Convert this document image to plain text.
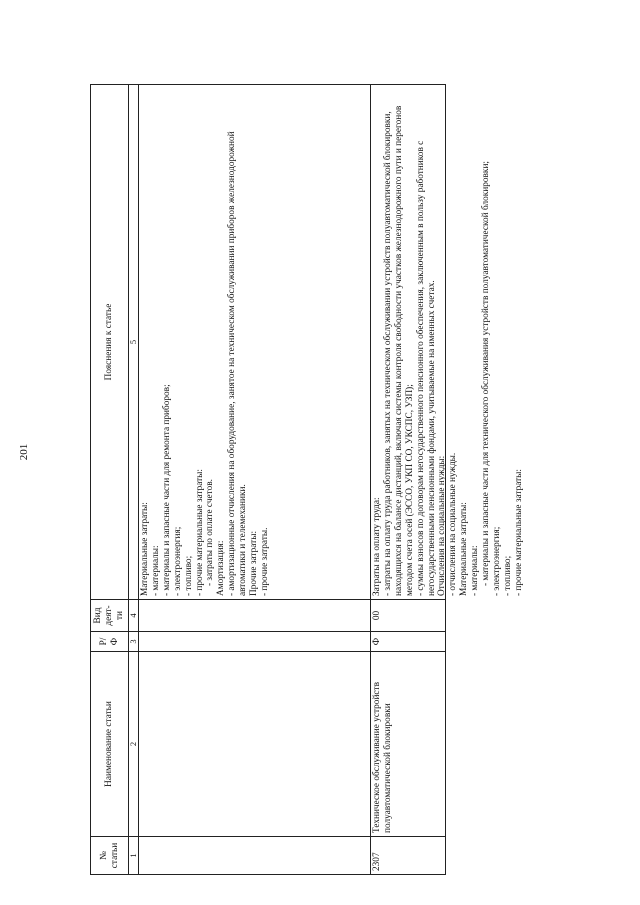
201
№ статьи
Наименование статьи
Р/ Ф
Вид деят-ти
Пояснения к статье
1
2
3
4
5
Материальные затраты: - материалы: - материалы и запасные части для ремонта приборов; - электроэнергия; - топливо; - прочие материальные затраты: - затраты по оплате счетов. Амортизация: - амортизационные отчисления на оборудование, занятое на техническом обслуживании приборов железнодорожной автоматики и телемеханики. Прочие затраты: - прочие затраты.
2307
Техническое обслуживание устройств полуавтоматической блокировки
Ф
00
Затраты на оплату труда: - затраты на оплату труда работников, занятых на техническом обслуживании устройств полуавтоматической блокировки, находящихся на балансе дистанций, включая системы контроля свободности участков железнодорожного пути и перегонов методом счета осей (ЭССО, УКП СО, УКСПС, УЗП); - суммы взносов по договорам негосударственного пенсионного обеспечения, заключенным в пользу работников с негосударственными пенсионными фондами, учитываемые на именных счетах. Отчисления на социальные нужды: - отчисления на социальные нужды. Материальные затраты: - материалы: - материалы и запасные части для технического обслуживания устройств полуавтоматической блокировки; - электроэнергия; - топливо; - прочие материальные затраты:
